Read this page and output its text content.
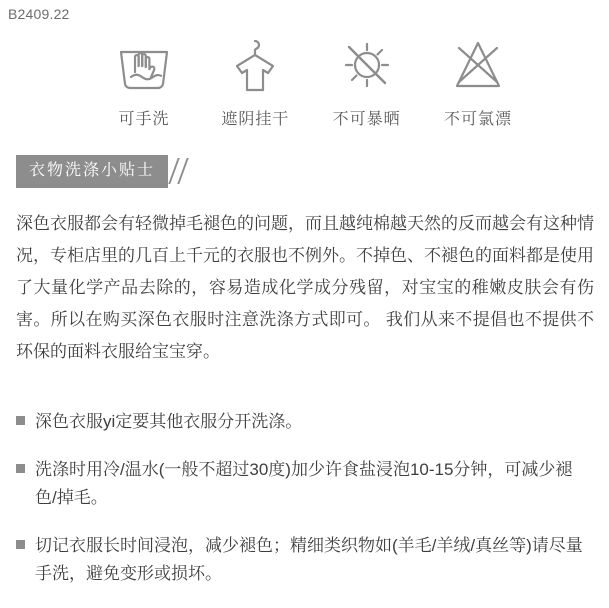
B2409.22
可手洗	遮阴挂干	不可暴晒	不可氯漂
衣物洗涤小贴士
深色衣服都会有轻微掉毛褪色的问题，而且越纯棉越天然的反而越会有这种情况，专柜店里的几百上千元的衣服也不例外。不掉色、不褪色的面料都是使用了大量化学产品去除的，容易造成化学成分残留，对宝宝的稚嫩皮肤会有伤害。所以在购买深色衣服时注意洗涤方式即可。 我们从来不提倡也不提供不环保的面料衣服给宝宝穿。
深色衣服yi定要其他衣服分开洗涤。
洗涤时用冷/温水(一般不超过30度)加少许食盐浸泡10-15分钟，可减少褪色/掉毛。
切记衣服长时间浸泡，减少褪色；精细类织物如(羊毛/羊绒/真丝等)请尽量手洗，避免变形或损坏。
